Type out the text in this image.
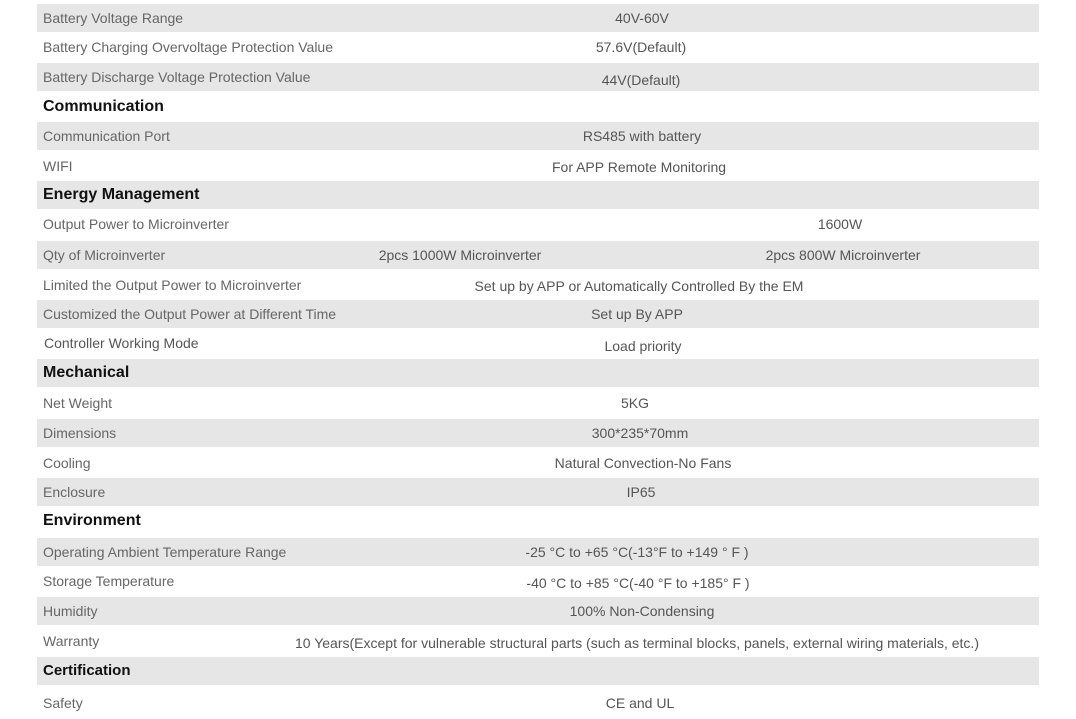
Battery Voltage Range	40V-60V
Battery Charging Overvoltage Protection Value	57.6V(Default)
Battery Discharge Voltage Protection Value	44V(Default)
Communication
Communication Port	RS485 with battery
WIFI	For APP Remote Monitoring
Energy Management
Output Power to Microinverter	1600W
Qty of Microinverter	2pcs 1000W Microinverter	2pcs 800W Microinverter
Limited the Output Power to Microinverter	Set up by APP or Automatically Controlled By the EM
Customized the Output Power at Different Time	Set up By APP
Controller Working Mode	Load priority
Mechanical
Net Weight	5KG
Dimensions	300*235*70mm
Cooling	Natural Convection-No Fans
Enclosure	IP65
Environment
Operating Ambient Temperature Range	-25 °C to +65 °C(-13°F to +149 ° F )
Storage Temperature	-40 °C to +85 °C(-40 °F to +185° F )
Humidity	100% Non-Condensing
Warranty	10 Years(Except for vulnerable structural parts (such as terminal blocks, panels, external wiring materials, etc.)
Certification
Safety	CE and UL
